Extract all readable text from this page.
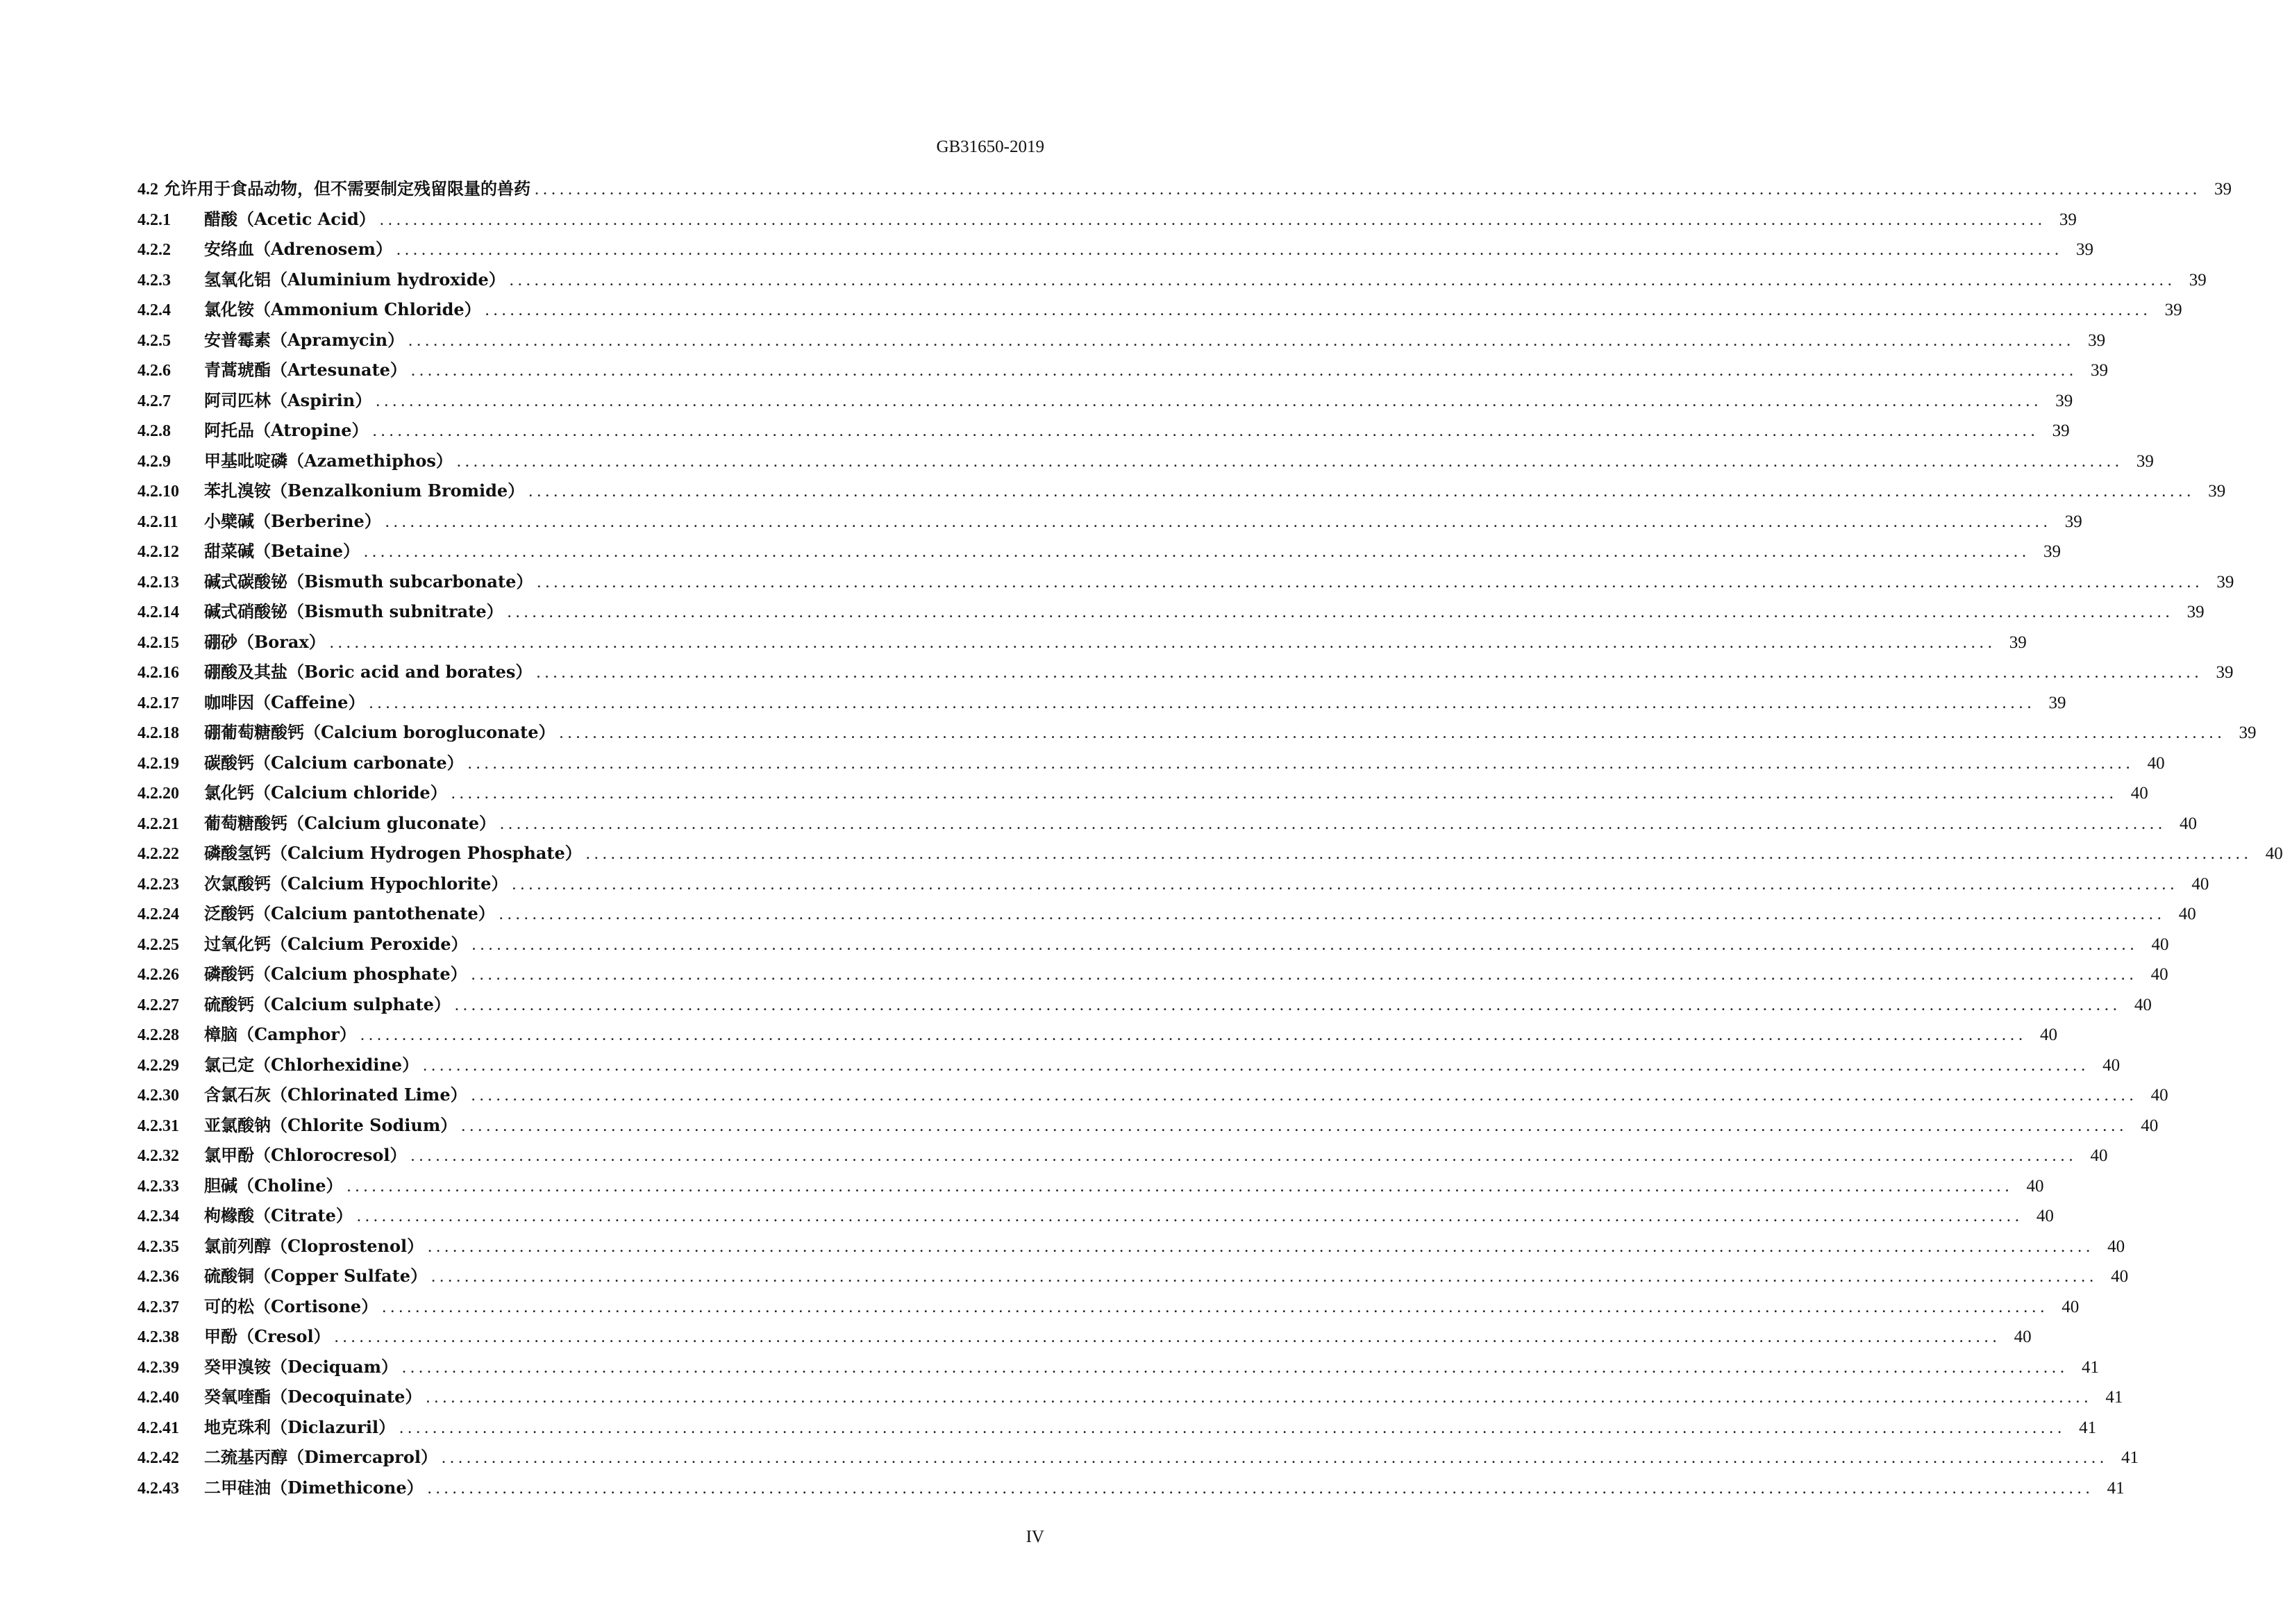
GB31650-2019
4.2 允许用于食品动物，但不需要制定残留限量的兽药 ........................................................................................................................................................................................................ 39
4.2.1	醋酸（Acetic Acid） ........................................................................................................................................................................................................ 39
4.2.2	安络血（Adrenosem） ........................................................................................................................................................................................................ 39
4.2.3	氢氧化铝（Aluminium hydroxide） ........................................................................................................................................................................................................ 39
4.2.4	氯化铵（Ammonium Chloride） ........................................................................................................................................................................................................ 39
4.2.5	安普霉素（Apramycin） ........................................................................................................................................................................................................ 39
4.2.6	青蒿琥酯（Artesunate） ........................................................................................................................................................................................................ 39
4.2.7	阿司匹林（Aspirin） ........................................................................................................................................................................................................ 39
4.2.8	阿托品（Atropine） ........................................................................................................................................................................................................ 39
4.2.9	甲基吡啶磷（Azamethiphos） ........................................................................................................................................................................................................ 39
4.2.10	苯扎溴铵（Benzalkonium Bromide） ........................................................................................................................................................................................................ 39
4.2.11	小檗碱（Berberine） ........................................................................................................................................................................................................ 39
4.2.12	甜菜碱（Betaine） ........................................................................................................................................................................................................ 39
4.2.13	碱式碳酸铋（Bismuth subcarbonate） ........................................................................................................................................................................................................ 39
4.2.14	碱式硝酸铋（Bismuth subnitrate） ........................................................................................................................................................................................................ 39
4.2.15	硼砂（Borax） ........................................................................................................................................................................................................ 39
4.2.16	硼酸及其盐（Boric acid and borates） ........................................................................................................................................................................................................ 39
4.2.17	咖啡因（Caffeine） ........................................................................................................................................................................................................ 39
4.2.18	硼葡萄糖酸钙（Calcium borogluconate） ........................................................................................................................................................................................................ 39
4.2.19	碳酸钙（Calcium carbonate） ........................................................................................................................................................................................................ 40
4.2.20	氯化钙（Calcium chloride） ........................................................................................................................................................................................................ 40
4.2.21	葡萄糖酸钙（Calcium gluconate） ........................................................................................................................................................................................................ 40
4.2.22	磷酸氢钙（Calcium Hydrogen Phosphate） ........................................................................................................................................................................................................ 40
4.2.23	次氯酸钙（Calcium Hypochlorite） ........................................................................................................................................................................................................ 40
4.2.24	泛酸钙（Calcium pantothenate） ........................................................................................................................................................................................................ 40
4.2.25	过氧化钙（Calcium Peroxide） ........................................................................................................................................................................................................ 40
4.2.26	磷酸钙（Calcium phosphate） ........................................................................................................................................................................................................ 40
4.2.27	硫酸钙（Calcium sulphate） ........................................................................................................................................................................................................ 40
4.2.28	樟脑（Camphor） ........................................................................................................................................................................................................ 40
4.2.29	氯己定（Chlorhexidine） ........................................................................................................................................................................................................ 40
4.2.30	含氯石灰（Chlorinated Lime） ........................................................................................................................................................................................................ 40
4.2.31	亚氯酸钠（Chlorite Sodium） ........................................................................................................................................................................................................ 40
4.2.32	氯甲酚（Chlorocresol） ........................................................................................................................................................................................................ 40
4.2.33	胆碱（Choline） ........................................................................................................................................................................................................ 40
4.2.34	枸橼酸（Citrate） ........................................................................................................................................................................................................ 40
4.2.35	氯前列醇（Cloprostenol） ........................................................................................................................................................................................................ 40
4.2.36	硫酸铜（Copper Sulfate） ........................................................................................................................................................................................................ 40
4.2.37	可的松（Cortisone） ........................................................................................................................................................................................................ 40
4.2.38	甲酚（Cresol） ........................................................................................................................................................................................................ 40
4.2.39	癸甲溴铵（Deciquam） ........................................................................................................................................................................................................ 41
4.2.40	癸氧喹酯（Decoquinate） ........................................................................................................................................................................................................ 41
4.2.41	地克珠利（Diclazuril） ........................................................................................................................................................................................................ 41
4.2.42	二巯基丙醇（Dimercaprol） ........................................................................................................................................................................................................ 41
4.2.43	二甲硅油（Dimethicone） ........................................................................................................................................................................................................ 41
IV
